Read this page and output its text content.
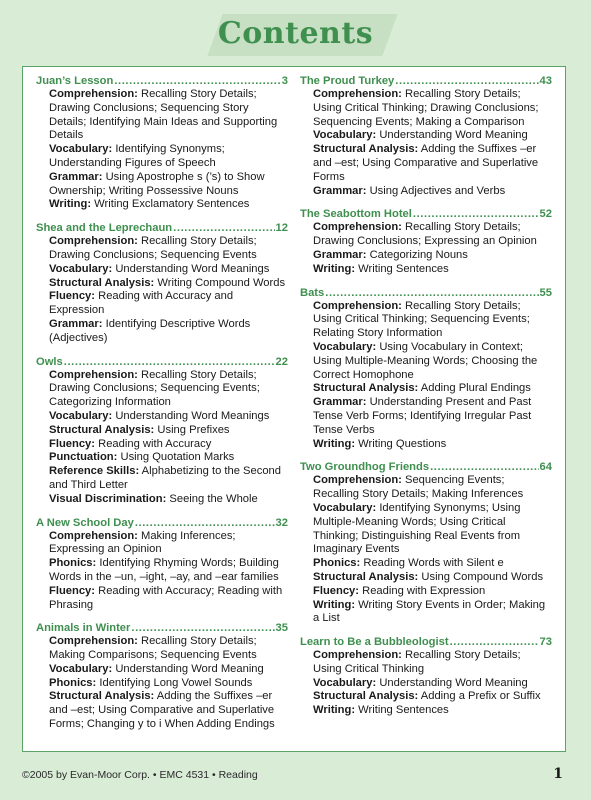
Contents
Juan’s Lesson .....	3
Comprehension: Recalling Story Details; Drawing Conclusions; Sequencing Story Details; Identifying Main Ideas and Supporting Details
Vocabulary: Identifying Synonyms; Understanding Figures of Speech
Grammar: Using Apostrophe s (’s) to Show Ownership; Writing Possessive Nouns
Writing: Writing Exclamatory Sentences
Shea and the Leprechaun .....	12
Comprehension: Recalling Story Details; Drawing Conclusions; Sequencing Events
Vocabulary: Understanding Word Meanings
Structural Analysis: Writing Compound Words
Fluency: Reading with Accuracy and Expression
Grammar: Identifying Descriptive Words (Adjectives)
Owls .....	22
Comprehension: Recalling Story Details; Drawing Conclusions; Sequencing Events; Categorizing Information
Vocabulary: Understanding Word Meanings
Structural Analysis: Using Prefixes
Fluency: Reading with Accuracy
Punctuation: Using Quotation Marks
Reference Skills: Alphabetizing to the Second and Third Letter
Visual Discrimination: Seeing the Whole
A New School Day .....	32
Comprehension: Making Inferences; Expressing an Opinion
Phonics: Identifying Rhyming Words; Building Words in the –un, –ight, –ay, and –ear families
Fluency: Reading with Accuracy; Reading with Phrasing
Animals in Winter .....	35
Comprehension: Recalling Story Details; Making Comparisons; Sequencing Events
Vocabulary: Understanding Word Meaning
Phonics: Identifying Long Vowel Sounds
Structural Analysis: Adding the Suffixes –er and –est; Using Comparative and Superlative Forms; Changing y to i When Adding Endings
The Proud Turkey .....	43
Comprehension: Recalling Story Details; Using Critical Thinking; Drawing Conclusions; Sequencing Events; Making a Comparison
Vocabulary: Understanding Word Meaning
Structural Analysis: Adding the Suffixes –er and –est; Using Comparative and Superlative Forms
Grammar: Using Adjectives and Verbs
The Seabottom Hotel .....	52
Comprehension: Recalling Story Details; Drawing Conclusions; Expressing an Opinion
Grammar: Categorizing Nouns
Writing: Writing Sentences
Bats .....	55
Comprehension: Recalling Story Details; Using Critical Thinking; Sequencing Events; Relating Story Information
Vocabulary: Using Vocabulary in Context; Using Multiple-Meaning Words; Choosing the Correct Homophone
Structural Analysis: Adding Plural Endings
Grammar: Understanding Present and Past Tense Verb Forms; Identifying Irregular Past Tense Verbs
Writing: Writing Questions
Two Groundhog Friends .....	64
Comprehension: Sequencing Events; Recalling Story Details; Making Inferences
Vocabulary: Identifying Synonyms; Using Multiple-Meaning Words; Using Critical Thinking; Distinguishing Real Events from Imaginary Events
Phonics: Reading Words with Silent e
Structural Analysis: Using Compound Words
Fluency: Reading with Expression
Writing: Writing Story Events in Order; Making a List
Learn to Be a Bubbleologist .....	73
Comprehension: Recalling Story Details; Using Critical Thinking
Vocabulary: Understanding Word Meaning
Structural Analysis: Adding a Prefix or Suffix
Writing: Writing Sentences
©2005 by Evan-Moor Corp. • EMC 4531 • Reading	1
